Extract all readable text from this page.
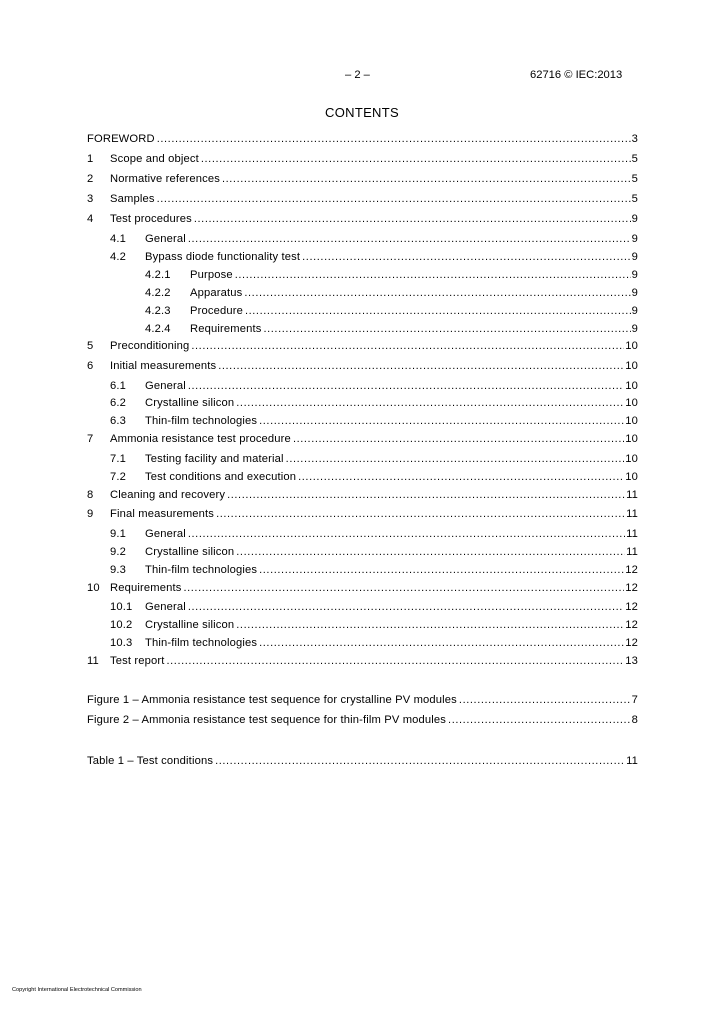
– 2 –	62716 © IEC:2013
CONTENTS
FOREWORD .....	3
1	Scope and object .....	5
2	Normative references .....	5
3	Samples .....	5
4	Test procedures .....	9
4.1	General .....	9
4.2	Bypass diode functionality test .....	9
4.2.1	Purpose .....	9
4.2.2	Apparatus .....	9
4.2.3	Procedure .....	9
4.2.4	Requirements .....	9
5	Preconditioning .....	10
6	Initial measurements .....	10
6.1	General .....	10
6.2	Crystalline silicon .....	10
6.3	Thin-film technologies .....	10
7	Ammonia resistance test procedure .....	10
7.1	Testing facility and material .....	10
7.2	Test conditions and execution .....	10
8	Cleaning and recovery .....	11
9	Final measurements .....	11
9.1	General .....	11
9.2	Crystalline silicon .....	11
9.3	Thin-film technologies .....	12
10 Requirements .....	12
10.1	General .....	12
10.2	Crystalline silicon .....	12
10.3	Thin-film technologies .....	12
11 Test report .....	13
Figure 1 – Ammonia resistance test sequence for crystalline PV modules .....	7
Figure 2 – Ammonia resistance test sequence for thin-film PV modules .....	8
Table 1 – Test conditions .....	11
Copyright International Electrotechnical Commission
